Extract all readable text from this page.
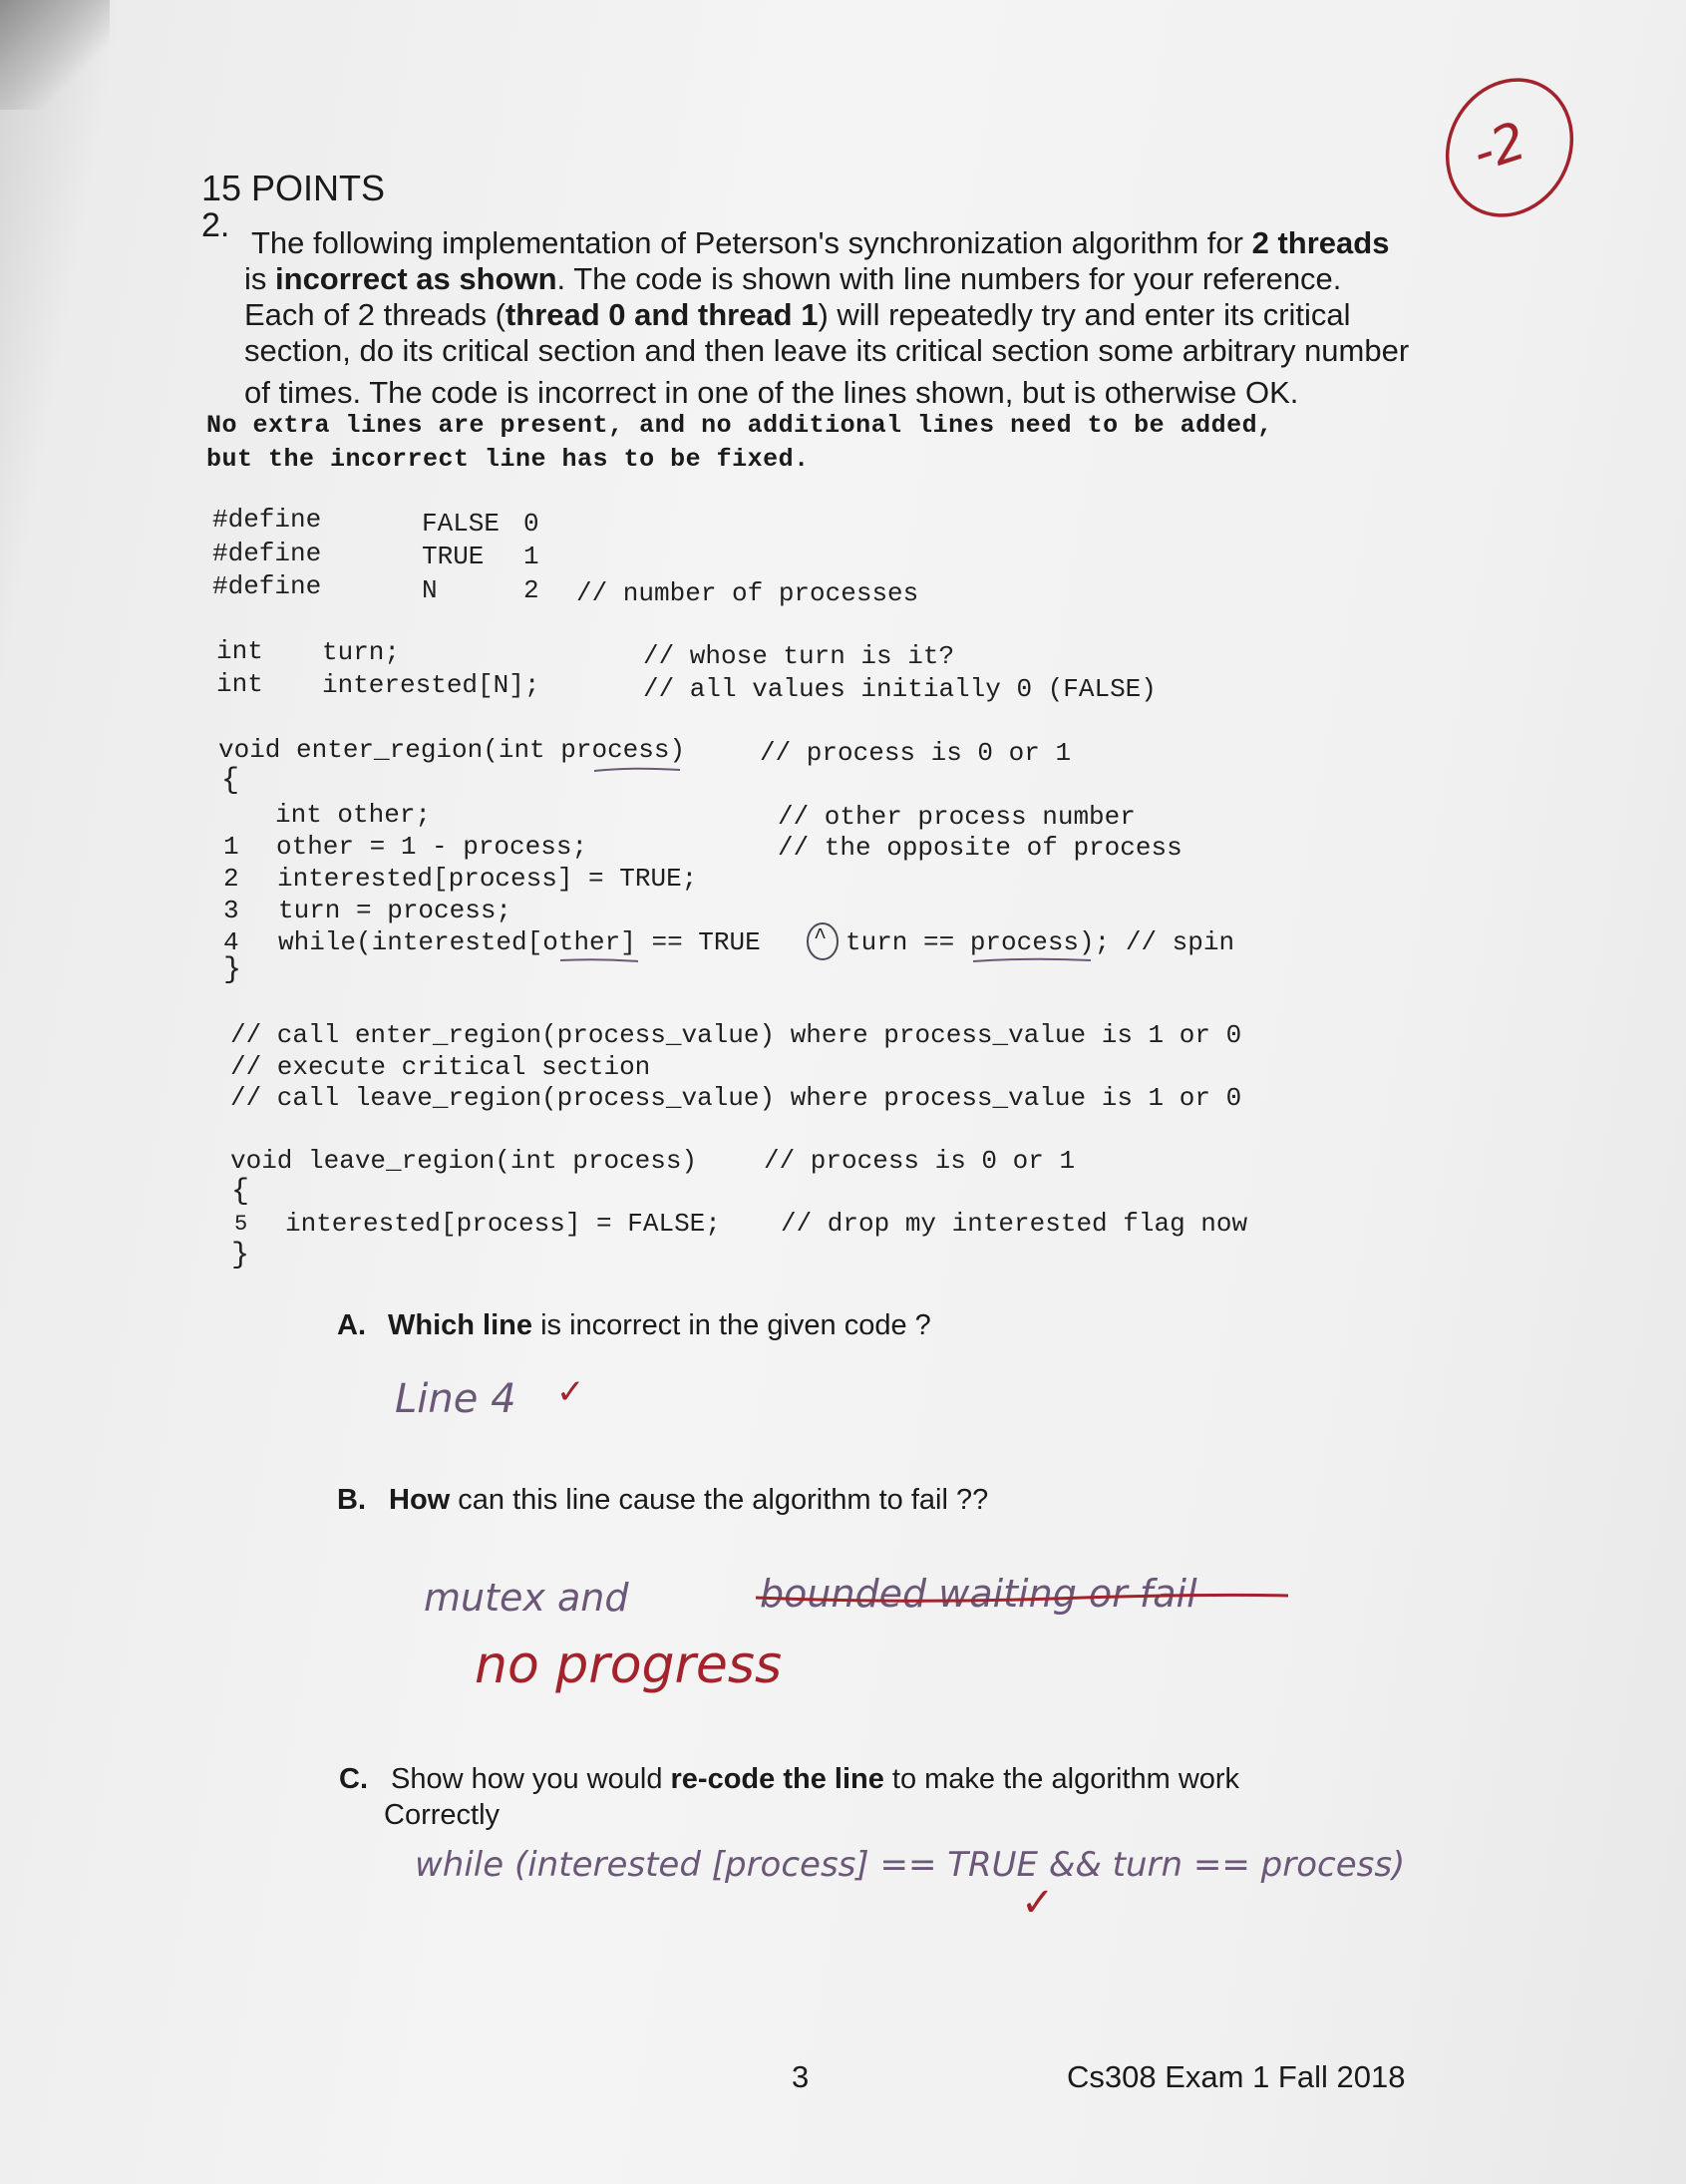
-2
15 POINTS
2. The following implementation of Peterson's synchronization algorithm for 2 threads
is incorrect as shown. The code is shown with line numbers for your reference.
Each of 2 threads (thread 0 and thread 1) will repeatedly try and enter its critical
section, do its critical section and then leave its critical section some arbitrary number
of times. The code is incorrect in one of the lines shown, but is otherwise OK.
No extra lines are present, and no additional lines need to be added,
but the incorrect line has to be fixed.
#define	FALSE 0
#define	TRUE 1
#define	N	2 // number of processes
int turn;	// whose turn is it?
int interested[N];	// all values initially 0 (FALSE)
void enter_region(int process)	// process is 0 or 1
{
int other;	// other process number
1 other = 1 - process;	// the opposite of process
2 interested[process] = TRUE;
3 turn = process;
4 while(interested[other] == TRUE ^ turn == process); // spin
}
// call enter_region(process_value) where process_value is 1 or 0
// execute critical section
// call leave_region(process_value) where process_value is 1 or 0
void leave_region(int process)	// process is 0 or 1
{
5 interested[process] = FALSE; // drop my interested flag now
}
A. Which line is incorrect in the given code ?
Line 4 ✓
B. How can this line cause the algorithm to fail ??
mutex and	bounded waiting or fail
no progress
C. Show how you would re-code the line to make the algorithm work
Correctly
while (interested [process] == TRUE && turn == process)
✓
3	Cs308 Exam 1 Fall 2018
